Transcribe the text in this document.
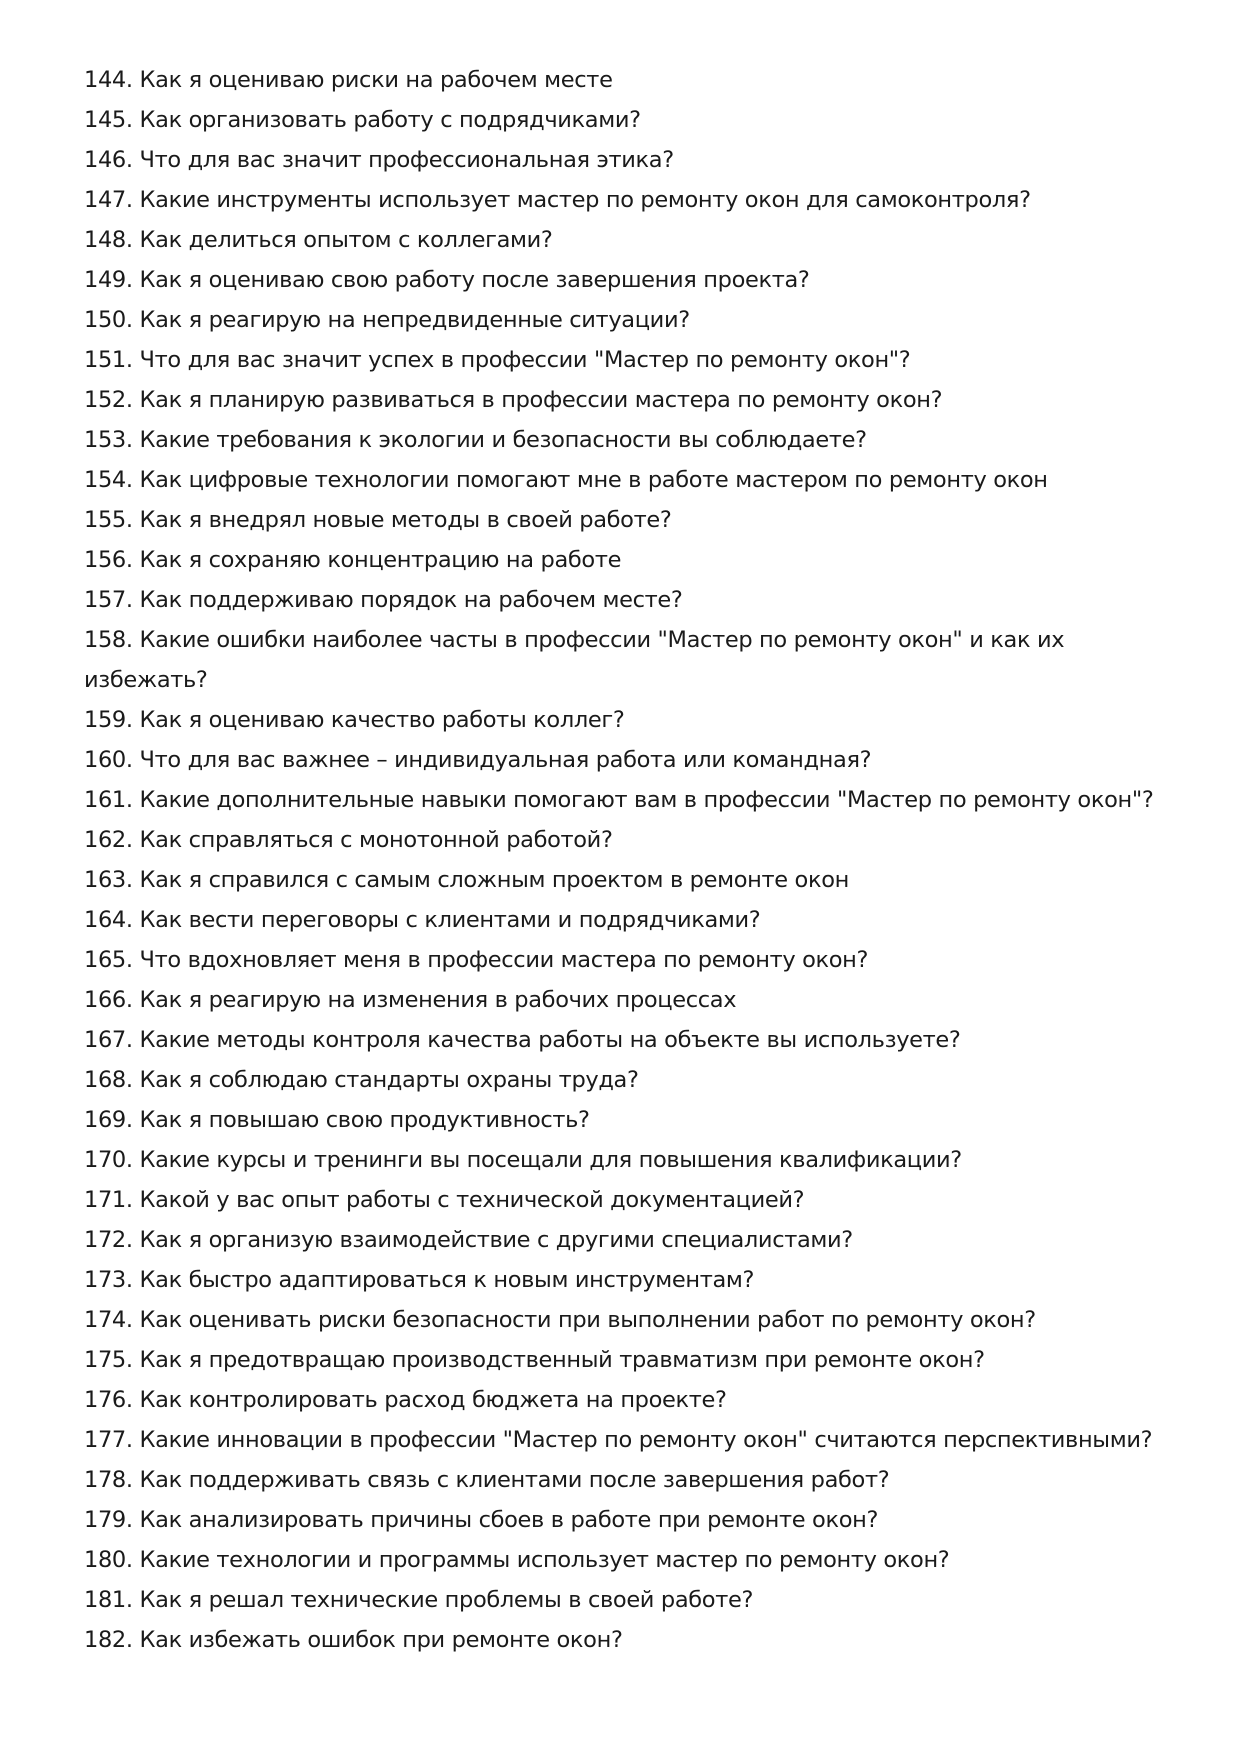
144. Как я оцениваю риски на рабочем месте
145. Как организовать работу с подрядчиками?
146. Что для вас значит профессиональная этика?
147. Какие инструменты использует мастер по ремонту окон для самоконтроля?
148. Как делиться опытом с коллегами?
149. Как я оцениваю свою работу после завершения проекта?
150. Как я реагирую на непредвиденные ситуации?
151. Что для вас значит успех в профессии "Мастер по ремонту окон"?
152. Как я планирую развиваться в профессии мастера по ремонту окон?
153. Какие требования к экологии и безопасности вы соблюдаете?
154. Как цифровые технологии помогают мне в работе мастером по ремонту окон
155. Как я внедрял новые методы в своей работе?
156. Как я сохраняю концентрацию на работе
157. Как поддерживаю порядок на рабочем месте?
158. Какие ошибки наиболее часты в профессии "Мастер по ремонту окон" и как их избежать?
159. Как я оцениваю качество работы коллег?
160. Что для вас важнее – индивидуальная работа или командная?
161. Какие дополнительные навыки помогают вам в профессии "Мастер по ремонту окон"?
162. Как справляться с монотонной работой?
163. Как я справился с самым сложным проектом в ремонте окон
164. Как вести переговоры с клиентами и подрядчиками?
165. Что вдохновляет меня в профессии мастера по ремонту окон?
166. Как я реагирую на изменения в рабочих процессах
167. Какие методы контроля качества работы на объекте вы используете?
168. Как я соблюдаю стандарты охраны труда?
169. Как я повышаю свою продуктивность?
170. Какие курсы и тренинги вы посещали для повышения квалификации?
171. Какой у вас опыт работы с технической документацией?
172. Как я организую взаимодействие с другими специалистами?
173. Как быстро адаптироваться к новым инструментам?
174. Как оценивать риски безопасности при выполнении работ по ремонту окон?
175. Как я предотвращаю производственный травматизм при ремонте окон?
176. Как контролировать расход бюджета на проекте?
177. Какие инновации в профессии "Мастер по ремонту окон" считаются перспективными?
178. Как поддерживать связь с клиентами после завершения работ?
179. Как анализировать причины сбоев в работе при ремонте окон?
180. Какие технологии и программы использует мастер по ремонту окон?
181. Как я решал технические проблемы в своей работе?
182. Как избежать ошибок при ремонте окон?
